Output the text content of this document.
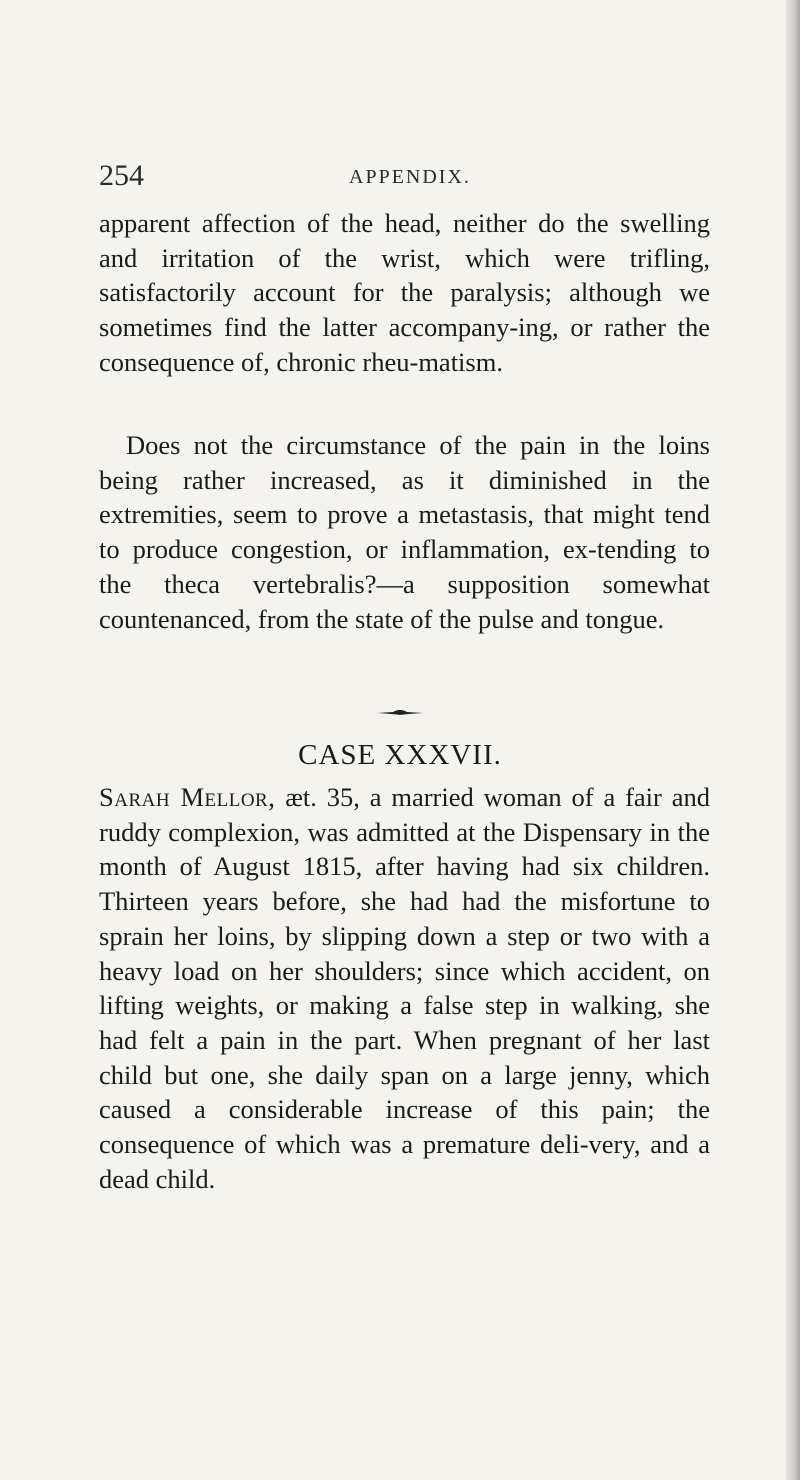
254	APPENDIX.

apparent affection of the head, neither do the swelling and irritation of the wrist, which were trifling, satisfactorily account for the paralysis; although we sometimes find the latter accompany-ing, or rather the consequence of, chronic rheu-matism.

Does not the circumstance of the pain in the loins being rather increased, as it diminished in the extremities, seem to prove a metastasis, that might tend to produce congestion, or inflammation, ex-tending to the theca vertebralis?—a supposition somewhat countenanced, from the state of the pulse and tongue.

CASE XXXVII.

Sarah Mellor, æt. 35, a married woman of a fair and ruddy complexion, was admitted at the Dispensary in the month of August 1815, after having had six children. Thirteen years before, she had had the misfortune to sprain her loins, by slipping down a step or two with a heavy load on her shoulders; since which accident, on lifting weights, or making a false step in walking, she had felt a pain in the part. When pregnant of her last child but one, she daily span on a large jenny, which caused a considerable increase of this pain; the consequence of which was a premature deli-very, and a dead child.
